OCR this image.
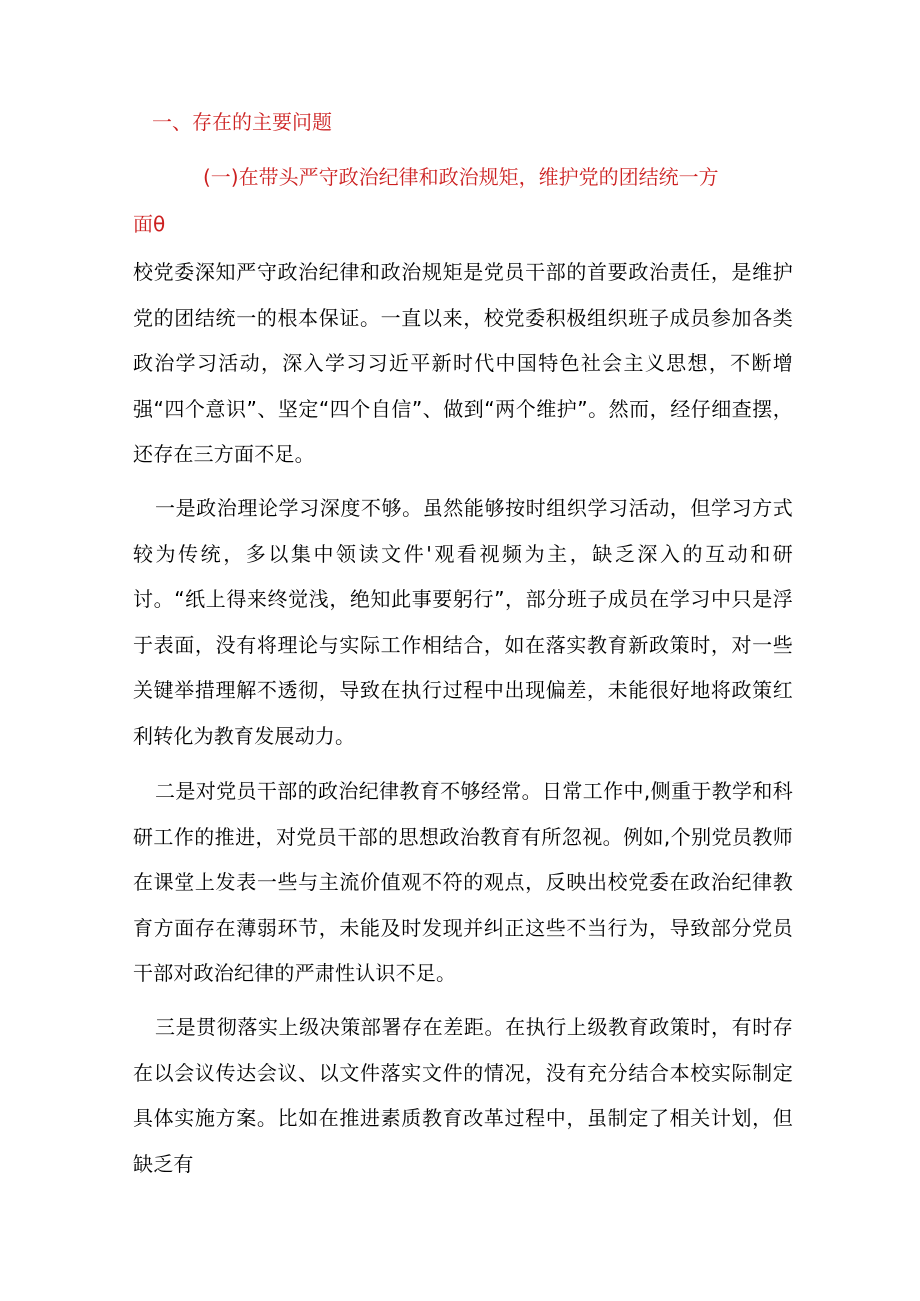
一、存在的主要问题
(一)在带头严守政治纪律和政治规矩，维护党的团结统一方
面θ
校党委深知严守政治纪律和政治规矩是党员干部的首要政治责任，是维护党的团结统一的根本保证。一直以来，校党委积极组织班子成员参加各类政治学习活动，深入学习习近平新时代中国特色社会主义思想，不断增强“四个意识”、坚定“四个自信”、做到“两个维护”。然而，经仔细查摆，还存在三方面不足。
一是政治理论学习深度不够。虽然能够按时组织学习活动，但学习方式较为传统，多以集中领读文件'观看视频为主，缺乏深入的互动和研讨。“纸上得来终觉浅，绝知此事要躬行”，部分班子成员在学习中只是浮于表面，没有将理论与实际工作相结合，如在落实教育新政策时，对一些关键举措理解不透彻，导致在执行过程中出现偏差，未能很好地将政策红利转化为教育发展动力。
二是对党员干部的政治纪律教育不够经常。日常工作中,侧重于教学和科研工作的推进，对党员干部的思想政治教育有所忽视。例如,个别党员教师在课堂上发表一些与主流价值观不符的观点，反映出校党委在政治纪律教育方面存在薄弱环节，未能及时发现并纠正这些不当行为，导致部分党员干部对政治纪律的严肃性认识不足。
三是贯彻落实上级决策部署存在差距。在执行上级教育政策时，有时存在以会议传达会议、以文件落实文件的情况，没有充分结合本校实际制定具体实施方案。比如在推进素质教育改革过程中，虽制定了相关计划，但缺乏有
